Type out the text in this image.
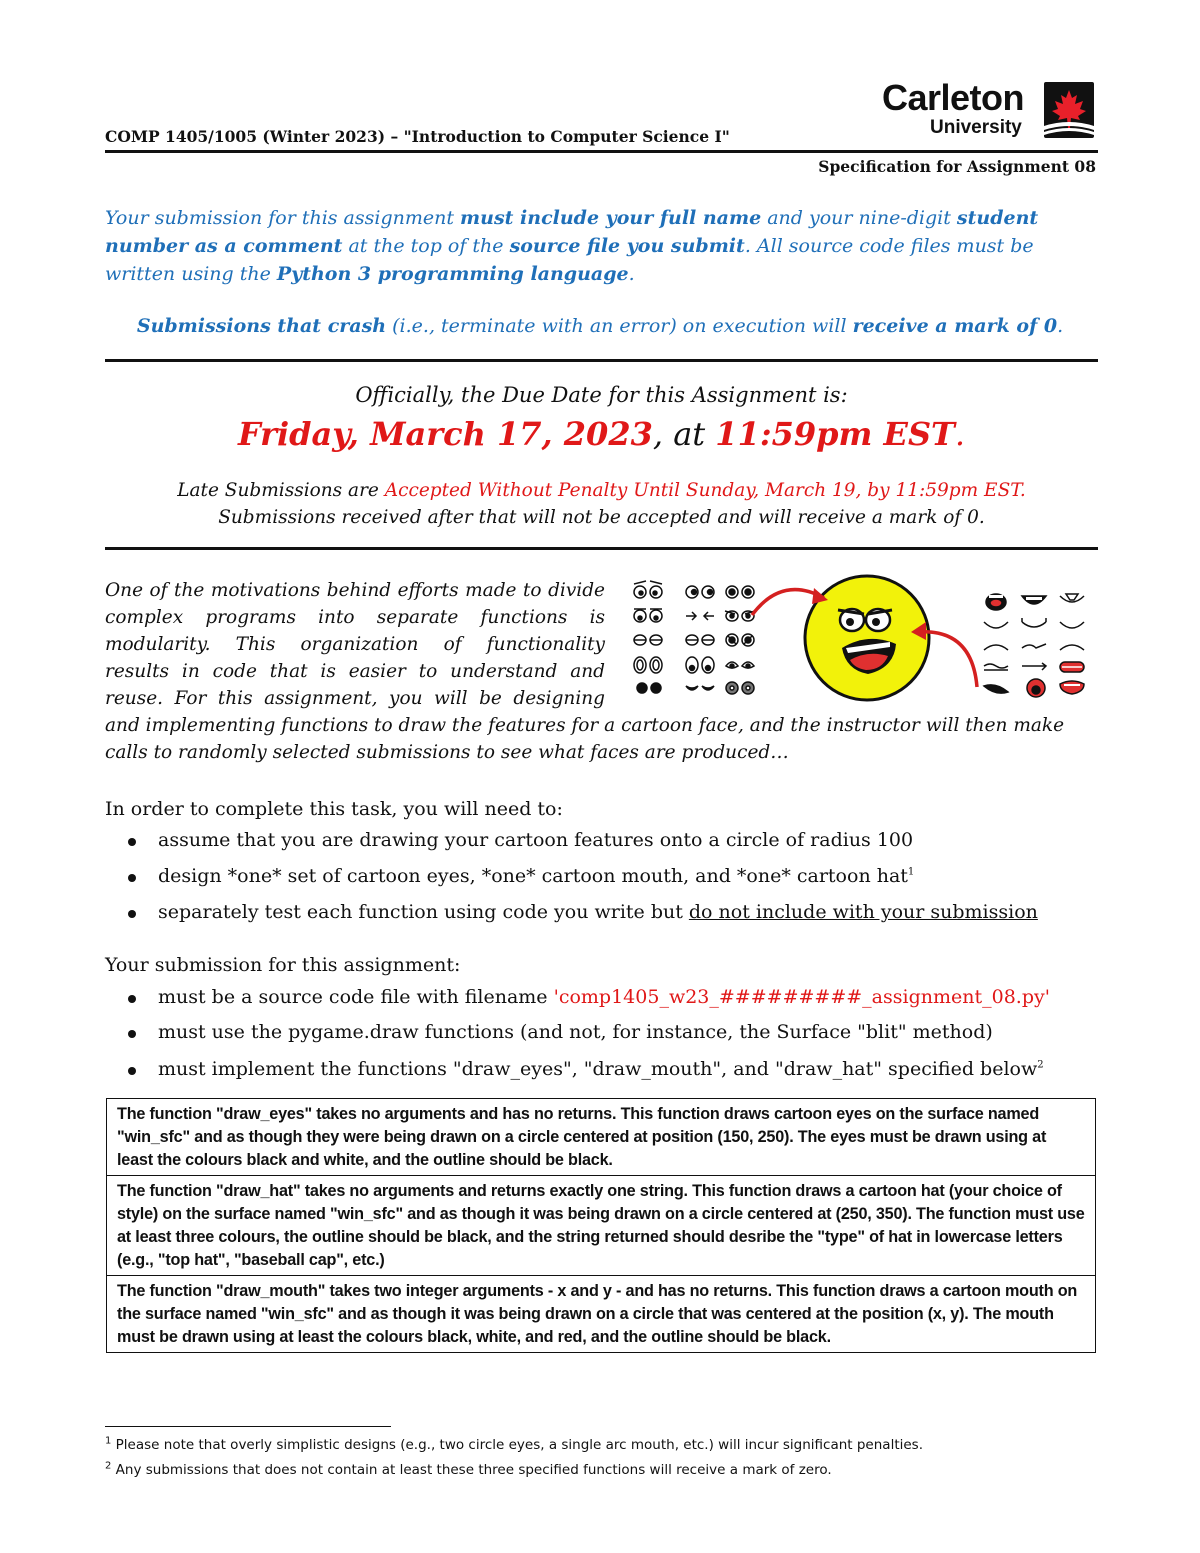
Carleton
University
COMP 1405/1005 (Winter 2023) – "Introduction to Computer Science I"
Specification for Assignment 08
Your submission for this assignment must include your full name and your nine-digit student number as a comment at the top of the source file you submit. All source code files must be written using the Python 3 programming language.
Submissions that crash (i.e., terminate with an error) on execution will receive a mark of 0.
Officially, the Due Date for this Assignment is:
Friday, March 17, 2023, at 11:59pm EST.
Late Submissions are Accepted Without Penalty Until Sunday, March 19, by 11:59pm EST.
Submissions received after that will not be accepted and will receive a mark of 0.
One of the motivations behind efforts made to divide
complex programs into separate functions is
modularity. This organization of functionality
results in code that is easier to understand and
reuse. For this assignment, you will be designing
and implementing functions to draw the features for a cartoon face, and the instructor will then make calls to randomly selected submissions to see what faces are produced…
In order to complete this task, you will need to:
assume that you are drawing your cartoon features onto a circle of radius 100
design *one* set of cartoon eyes, *one* cartoon mouth, and *one* cartoon hat$^1$
separately test each function using code you write but do not include with your submission
Your submission for this assignment:
must be a source code file with filename 'comp1405_w23_#########_assignment_08.py'
must use the pygame.draw functions (and not, for instance, the Surface "blit" method)
must implement the functions "draw_eyes", "draw_mouth", and "draw_hat" specified below$^2$
The function "draw_eyes" takes no arguments and has no returns. This function draws cartoon eyes on the surface named "win_sfc" and as though they were being drawn on a circle centered at position (150, 250). The eyes must be drawn using at least the colours black and white, and the outline should be black.
The function "draw_hat" takes no arguments and returns exactly one string. This function draws a cartoon hat (your choice of style) on the surface named "win_sfc" and as though it was being drawn on a circle centered at (250, 350). The function must use at least three colours, the outline should be black, and the string returned should desribe the "type" of hat in lowercase letters (e.g., "top hat", "baseball cap", etc.)
The function "draw_mouth" takes two integer arguments - x and y - and has no returns. This function draws a cartoon mouth on the surface named "win_sfc" and as though it was being drawn on a circle that was centered at the position (x, y). The mouth must be drawn using at least the colours black, white, and red, and the outline should be black.
$^1$ Please note that overly simplistic designs (e.g., two circle eyes, a single arc mouth, etc.) will incur significant penalties.
$^2$ Any submissions that does not contain at least these three specified functions will receive a mark of zero.
